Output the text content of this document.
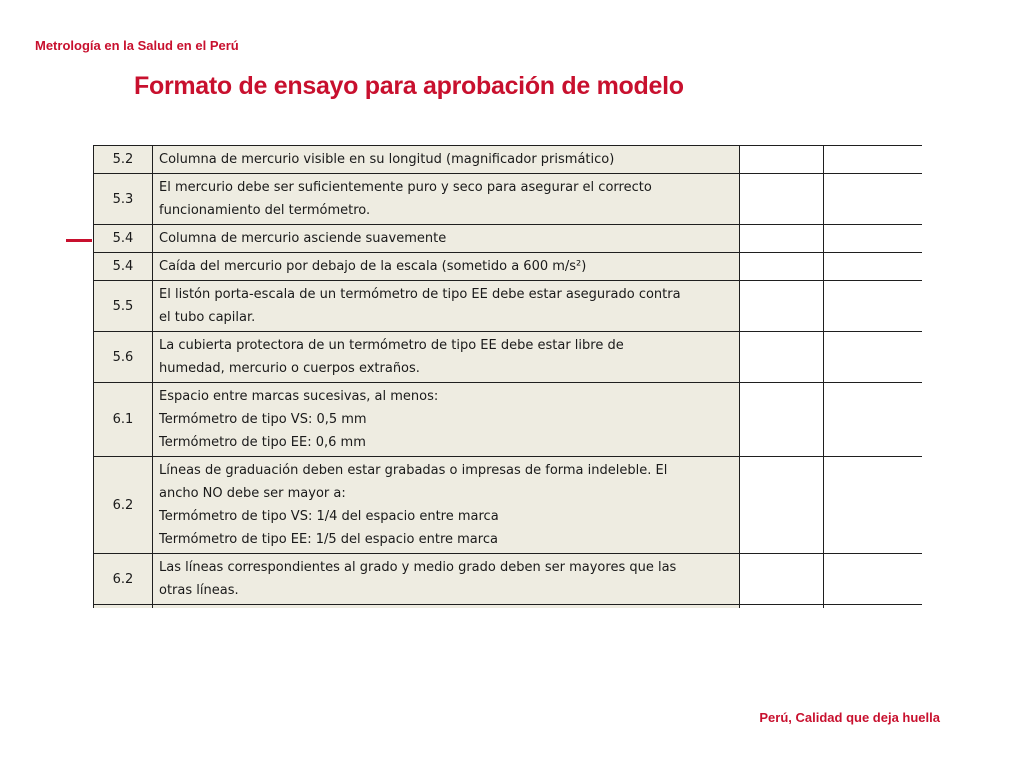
Metrología en la Salud en el Perú
Formato de ensayo para aprobación de modelo
5.2	Columna de mercurio visible en su longitud (magnificador prismático)		

5.3	El mercurio debe ser suficientemente puro y seco para asegurar el correcto
funcionamiento del termómetro.		

5.4	Columna de mercurio asciende suavemente		

5.4	Caída del mercurio por debajo de la escala (sometido a 600 m/s²)		

5.5	El listón porta-escala de un termómetro de tipo EE debe estar asegurado contra
el tubo capilar.		

5.6	La cubierta protectora de un termómetro de tipo EE debe estar libre de
humedad, mercurio o cuerpos extraños.		

6.1	Espacio entre marcas sucesivas, al menos:
Termómetro de tipo VS: 0,5 mm
Termómetro de tipo EE: 0,6 mm		

6.2	Líneas de graduación deben estar grabadas o impresas de forma indeleble. El
ancho NO debe ser mayor a:
Termómetro de tipo VS: 1/4 del espacio entre marca
Termómetro de tipo EE: 1/5 del espacio entre marca		

6.2	Las líneas correspondientes al grado y medio grado deben ser mayores que las
otras líneas.		

Perú, Calidad que deja huella
